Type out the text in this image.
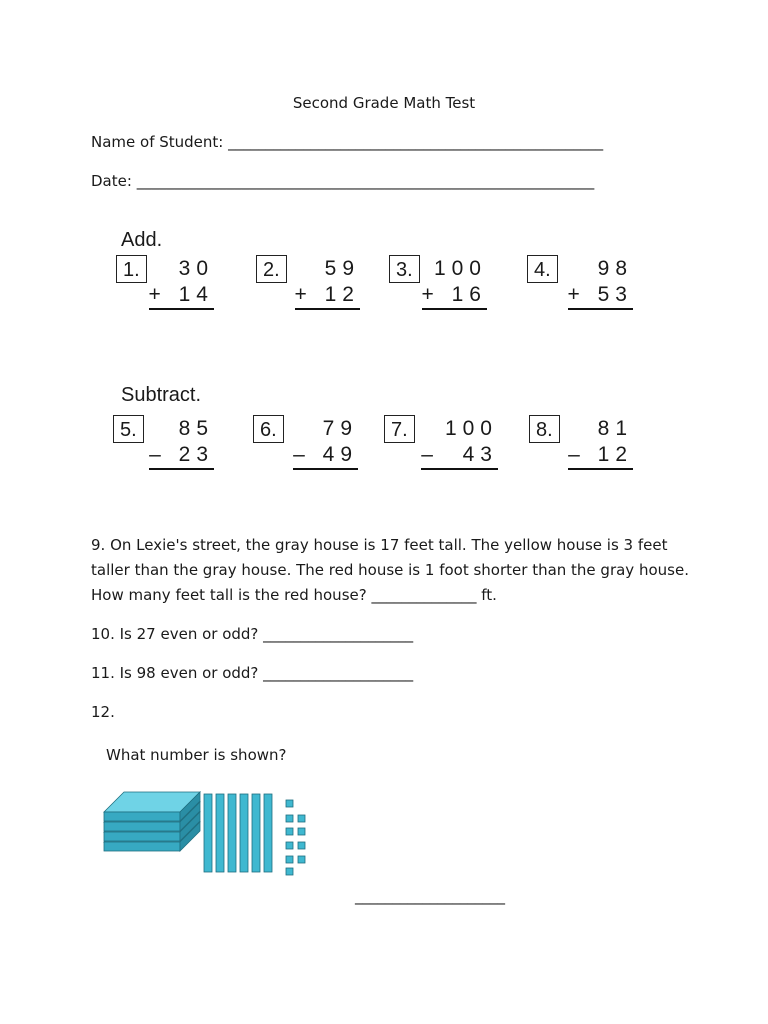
Second Grade Math Test
Name of Student: __________________________________________________
Date: _____________________________________________________________
Add.
1.	30
+ 14
2.	59
+ 12
3.	100
+ 16
4.	98
+ 53
Subtract.
5.	85
– 23
6.	79
– 49
7.	100
–  43
8.	81
– 12
9. On Lexie's street, the gray house is 17 feet tall. The yellow house is 3 feet taller than the gray house. The red house is 1 foot shorter than the gray house. How many feet tall is the red house? ______________ ft.
10. Is 27 even or odd? ____________________
11. Is 98 even or odd? ____________________
12.
What number is shown?
____________________
